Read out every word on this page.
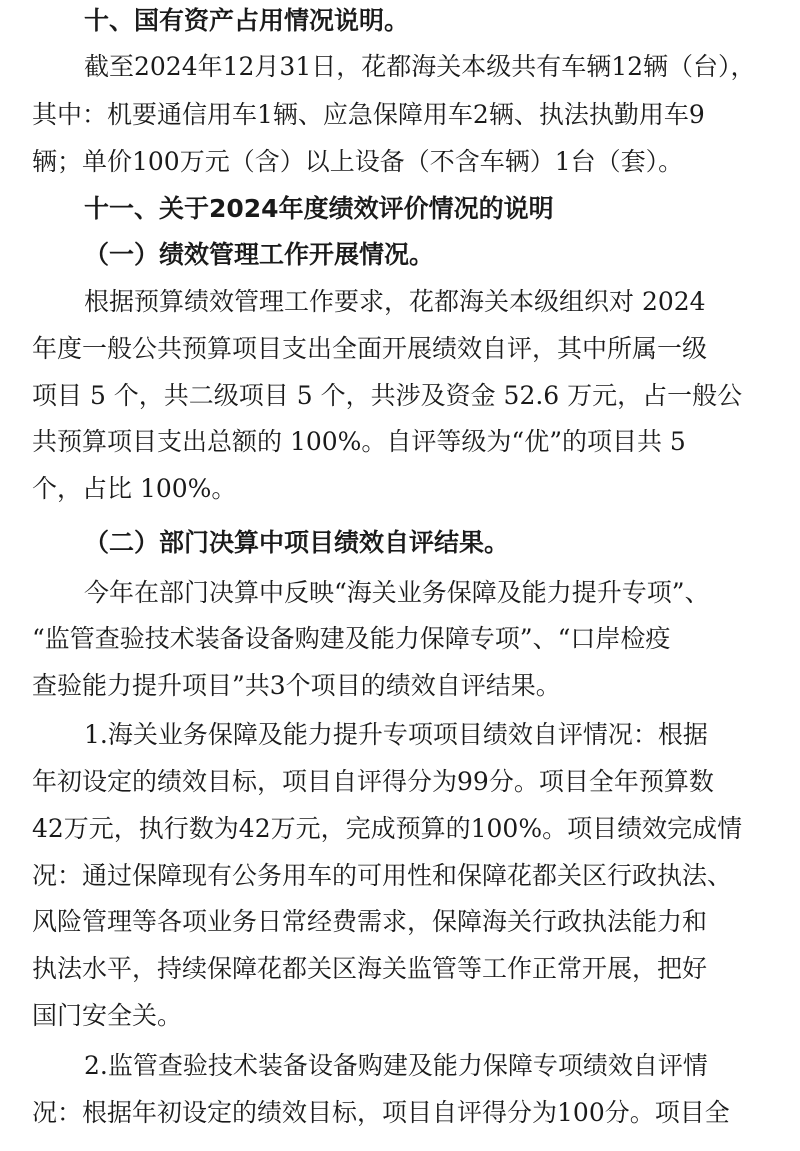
十、国有资产占用情况说明。
截至2024年12月31日，花都海关本级共有车辆12辆（台），
其中：机要通信用车1辆、应急保障用车2辆、执法执勤用车9
辆；单价100万元（含）以上设备（不含车辆）1台（套）。
十一、关于2024年度绩效评价情况的说明
（一）绩效管理工作开展情况。
根据预算绩效管理工作要求，花都海关本级组织对 2024
年度一般公共预算项目支出全面开展绩效自评，其中所属一级
项目 5 个，共二级项目 5 个，共涉及资金 52.6 万元，占一般公
共预算项目支出总额的 100%。自评等级为“优”的项目共 5
个，占比 100%。
（二）部门决算中项目绩效自评结果。
今年在部门决算中反映“海关业务保障及能力提升专项”、
“监管查验技术装备设备购建及能力保障专项”、“口岸检疫
查验能力提升项目”共3个项目的绩效自评结果。
1.海关业务保障及能力提升专项项目绩效自评情况：根据
年初设定的绩效目标，项目自评得分为99分。项目全年预算数
42万元，执行数为42万元，完成预算的100%。项目绩效完成情
况：通过保障现有公务用车的可用性和保障花都关区行政执法、
风险管理等各项业务日常经费需求，保障海关行政执法能力和
执法水平，持续保障花都关区海关监管等工作正常开展，把好
国门安全关。
2.监管查验技术装备设备购建及能力保障专项绩效自评情
况：根据年初设定的绩效目标，项目自评得分为100分。项目全
